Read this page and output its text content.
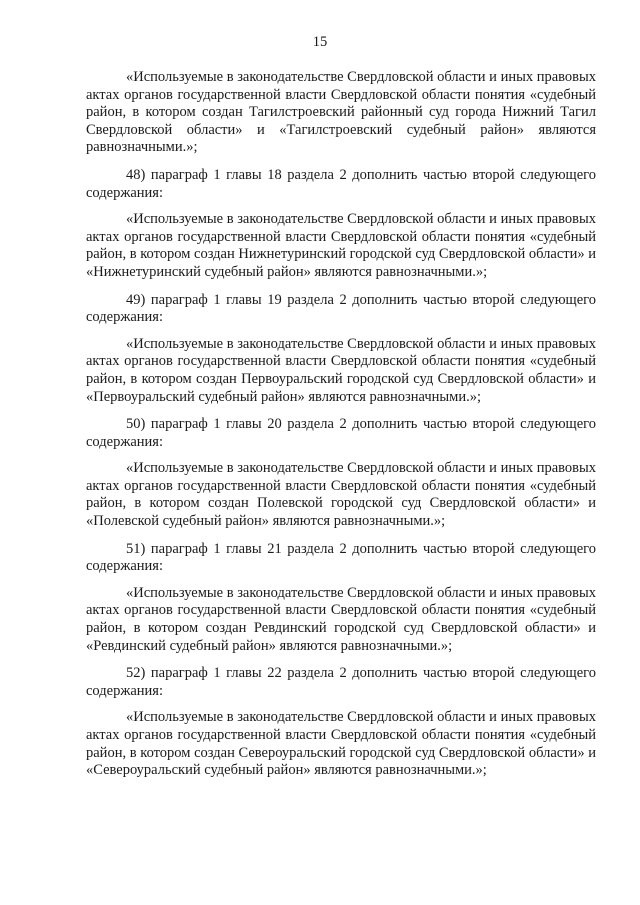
15

«Используемые в законодательстве Свердловской области и иных правовых актах органов государственной власти Свердловской области понятия «судебный район, в котором создан Тагилстроевский районный суд города Нижний Тагил Свердловской области» и «Тагилстроевский судебный район» являются равнозначными.»;

48) параграф 1 главы 18 раздела 2 дополнить частью второй следующего содержания:

«Используемые в законодательстве Свердловской области и иных правовых актах органов государственной власти Свердловской области понятия «судебный район, в котором создан Нижнетуринский городской суд Свердловской области» и «Нижнетуринский судебный район» являются равнозначными.»;

49) параграф 1 главы 19 раздела 2 дополнить частью второй следующего содержания:

«Используемые в законодательстве Свердловской области и иных правовых актах органов государственной власти Свердловской области понятия «судебный район, в котором создан Первоуральский городской суд Свердловской области» и «Первоуральский судебный район» являются равнозначными.»;

50) параграф 1 главы 20 раздела 2 дополнить частью второй следующего содержания:

«Используемые в законодательстве Свердловской области и иных правовых актах органов государственной власти Свердловской области понятия «судебный район, в котором создан Полевской городской суд Свердловской области» и «Полевской судебный район» являются равнозначными.»;

51) параграф 1 главы 21 раздела 2 дополнить частью второй следующего содержания:

«Используемые в законодательстве Свердловской области и иных правовых актах органов государственной власти Свердловской области понятия «судебный район, в котором создан Ревдинский городской суд Свердловской области» и «Ревдинский судебный район» являются равнозначными.»;

52) параграф 1 главы 22 раздела 2 дополнить частью второй следующего содержания:

«Используемые в законодательстве Свердловской области и иных правовых актах органов государственной власти Свердловской области понятия «судебный район, в котором создан Североуральский городской суд Свердловской области» и «Североуральский судебный район» являются равнозначными.»;
